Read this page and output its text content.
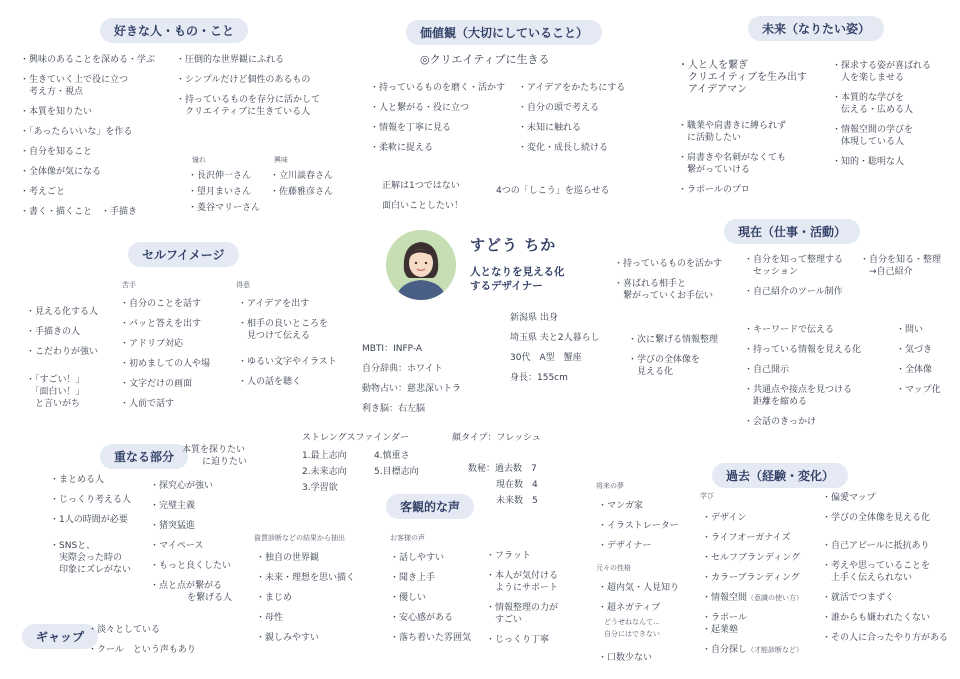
好きな人・もの・こと
・興味のあることを深める・学ぶ
・生きていく上で役に立つ
　考え方・視点
・本質を知りたい
・「あったらいいな」を作る
・自分を知ること
・全体像が気になる
・考えごと
・書く・描くこと　・手描き
・圧倒的な世界観にふれる
・シンプルだけど個性のあるもの
・持っているものを存分に活かして
　クリエイティブに生きている人
憧れ
・長沢伸一さん
・望月まいさん
・菱谷マリーさん
興味
・立川談春さん
・佐藤雅彦さん
価値観（大切にしていること）
◎クリエイティブに生きる
・持っているものを磨く・活かす
・人と繋がる・役に立つ
・情報を丁寧に見る
・柔軟に捉える
・アイデアをかたちにする
・自分の頭で考える
・未知に触れる
・変化・成長し続ける
正解は1つではない
面白いことしたい！
4つの「しこう」を巡らせる
未来（なりたい姿）
・人と人を繋ぎ
　クリエイティブを生み出す
　アイデアマン
・職業や肩書きに縛られず
　に活動したい
・肩書きや名刺がなくても
　繋がっていける
・ラポールのプロ
・探求する姿が喜ばれる
　人を楽しませる
・本質的な学びを
　伝える・広める人
・情報空間の学びを
　体現している人
・知的・聡明な人
すどう ちか
人となりを見える化
するデザイナー
新潟県 出身
埼玉県 夫と2人暮らし
30代　A型　蟹座
身長：155cm
MBTI：INFP-A
自分辞典：ホワイト
動物占い：慈悲深いトラ
利き脳：右左脳
ストレングスファインダー
1.最上志向
2.未来志向
3.学習欲
4.慎重さ
5.目標志向
顔タイプ：フレッシュ
数秘：過去数　7
現在数　4
未来数　5
セルフイメージ
苦手	得意
・見える化する人
・手描きの人
・こだわりが強い
・「すごい！」
　「面白い！」
　と言いがち
・自分のことを話す
・パッと答えを出す
・アドリブ対応
・初めましての人や場
・文字だけの画面
・人前で話す
・アイデアを出す
・相手の良いところを
　見つけて伝える
・ゆるい文字やイラスト
・人の話を聴く
現在（仕事・活動）
・持っているものを活かす
・喜ばれる相手と
　繋がっていくお手伝い
・自分を知って整理する
　セッション
・自己紹介のツール制作
・自分を知る・整理
　→自己紹介
・次に繋げる情報整理
・学びの全体像を
　見える化
・キーワードで伝える
・持っている情報を見える化
・自己開示
・共通点や接点を見つける
　距離を縮める
・会話のきっかけ
・問い
・気づき
・全体像
・マップ化
重なる部分 本質を探りたい
に迫りたい
・まとめる人
・じっくり考える人
・1人の時間が必要
・SNSと、
　実際会った時の
　印象にズレがない
・探究心が強い
・完璧主義
・猪突猛進
・マイペース
・もっと良くしたい
・点と点が繋がる
　を繋げる人
ギャップ ・淡々としている
・クール　という声もあり
客観的な声
資質診断などの結果から抽出
・独自の世界観
・未来・理想を思い描く
・まじめ
・母性
・親しみやすい
お客様の声
・話しやすい
・聞き上手
・優しい
・安心感がある
・落ち着いた雰囲気
・フラット
・本人が気付ける
　ようにサポート
・情報整理の力が
　すごい
・じっくり丁寧
過去（経験・変化）
将来の夢
・マンガ家
・イラストレーター
・デザイナー
元々の性格
・超内気・人見知り
・超ネガティブ
どうせねなんて…
自分にはできない
・口数少ない
学び
・デザイン
・ライフオーガナイズ
・セルフブランディング
・カラーブランディング
・情報空間（意識の使い方）
・ラポール
・起業塾
・自分探し（才能診断など）
・偏愛マップ
・学びの全体像を見える化
・自己アピールに抵抗あり
・考えや思っていることを
　上手く伝えられない
・就活でつまずく
・誰からも嫌われたくない
・その人に合ったやり方がある
